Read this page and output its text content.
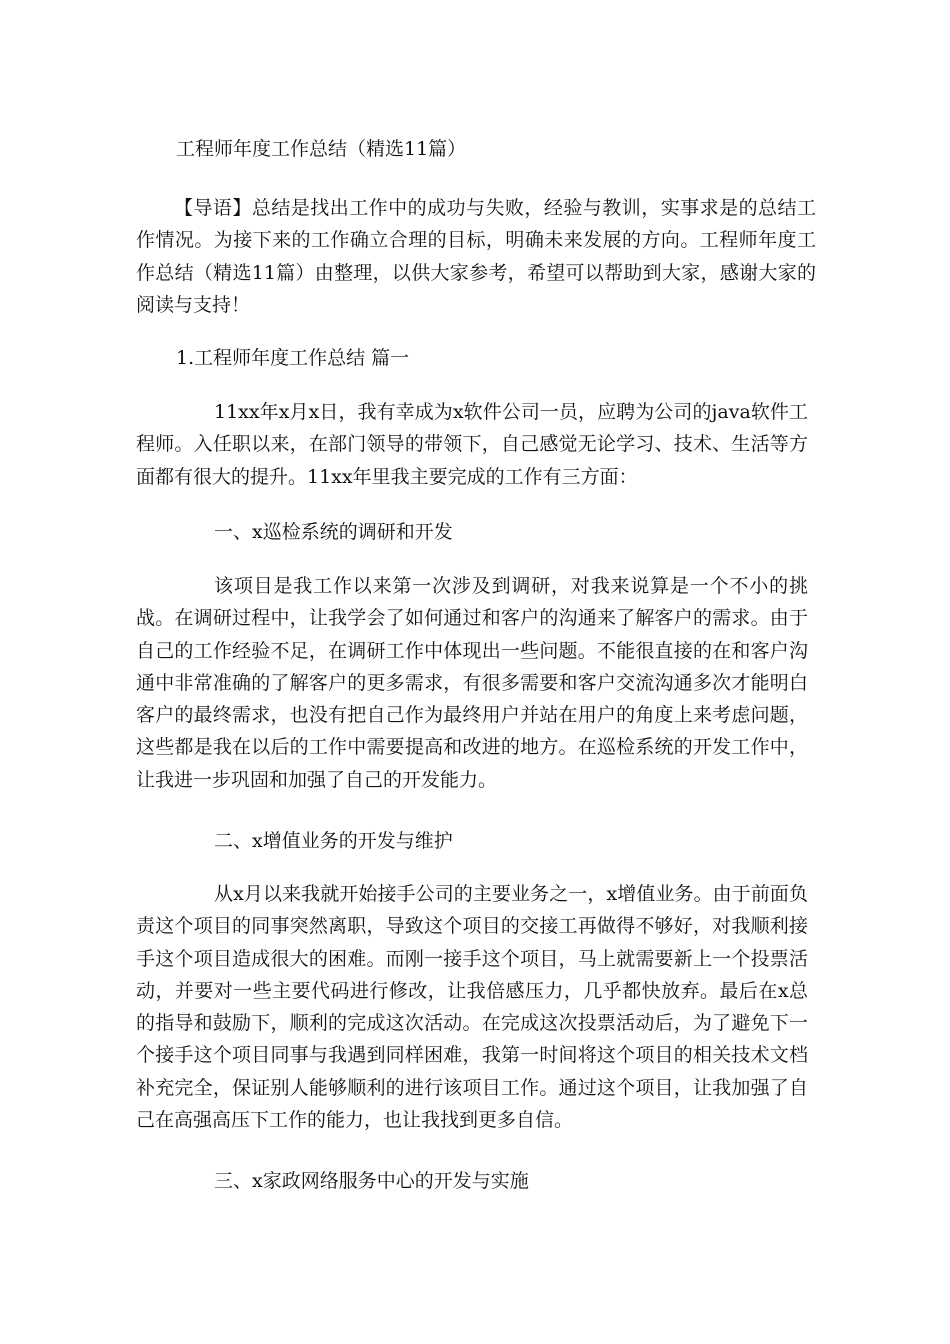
工程师年度工作总结（精选11篇）

【导语】总结是找出工作中的成功与失败，经验与教训，实事求是的总结工作情况。为接下来的工作确立合理的目标，明确未来发展的方向。工程师年度工作总结（精选11篇）由整理，以供大家参考，希望可以帮助到大家，感谢大家的阅读与支持！

1.工程师年度工作总结 篇一

11xx年x月x日，我有幸成为x软件公司一员，应聘为公司的java软件工程师。入任职以来，在部门领导的带领下，自己感觉无论学习、技术、生活等方面都有很大的提升。11xx年里我主要完成的工作有三方面：

一、x巡检系统的调研和开发

该项目是我工作以来第一次涉及到调研，对我来说算是一个不小的挑战。在调研过程中，让我学会了如何通过和客户的沟通来了解客户的需求。由于自己的工作经验不足，在调研工作中体现出一些问题。不能很直接的在和客户沟通中非常准确的了解客户的更多需求，有很多需要和客户交流沟通多次才能明白客户的最终需求，也没有把自己作为最终用户并站在用户的角度上来考虑问题，这些都是我在以后的工作中需要提高和改进的地方。在巡检系统的开发工作中，让我进一步巩固和加强了自己的开发能力。

二、x增值业务的开发与维护

从x月以来我就开始接手公司的主要业务之一，x增值业务。由于前面负责这个项目的同事突然离职，导致这个项目的交接工再做得不够好，对我顺利接手这个项目造成很大的困难。而刚一接手这个项目，马上就需要新上一个投票活动，并要对一些主要代码进行修改，让我倍感压力，几乎都快放弃。最后在x总的指导和鼓励下，顺利的完成这次活动。在完成这次投票活动后，为了避免下一个接手这个项目同事与我遇到同样困难，我第一时间将这个项目的相关技术文档补充完全，保证别人能够顺利的进行该项目工作。通过这个项目，让我加强了自己在高强高压下工作的能力，也让我找到更多自信。

三、x家政网络服务中心的开发与实施
